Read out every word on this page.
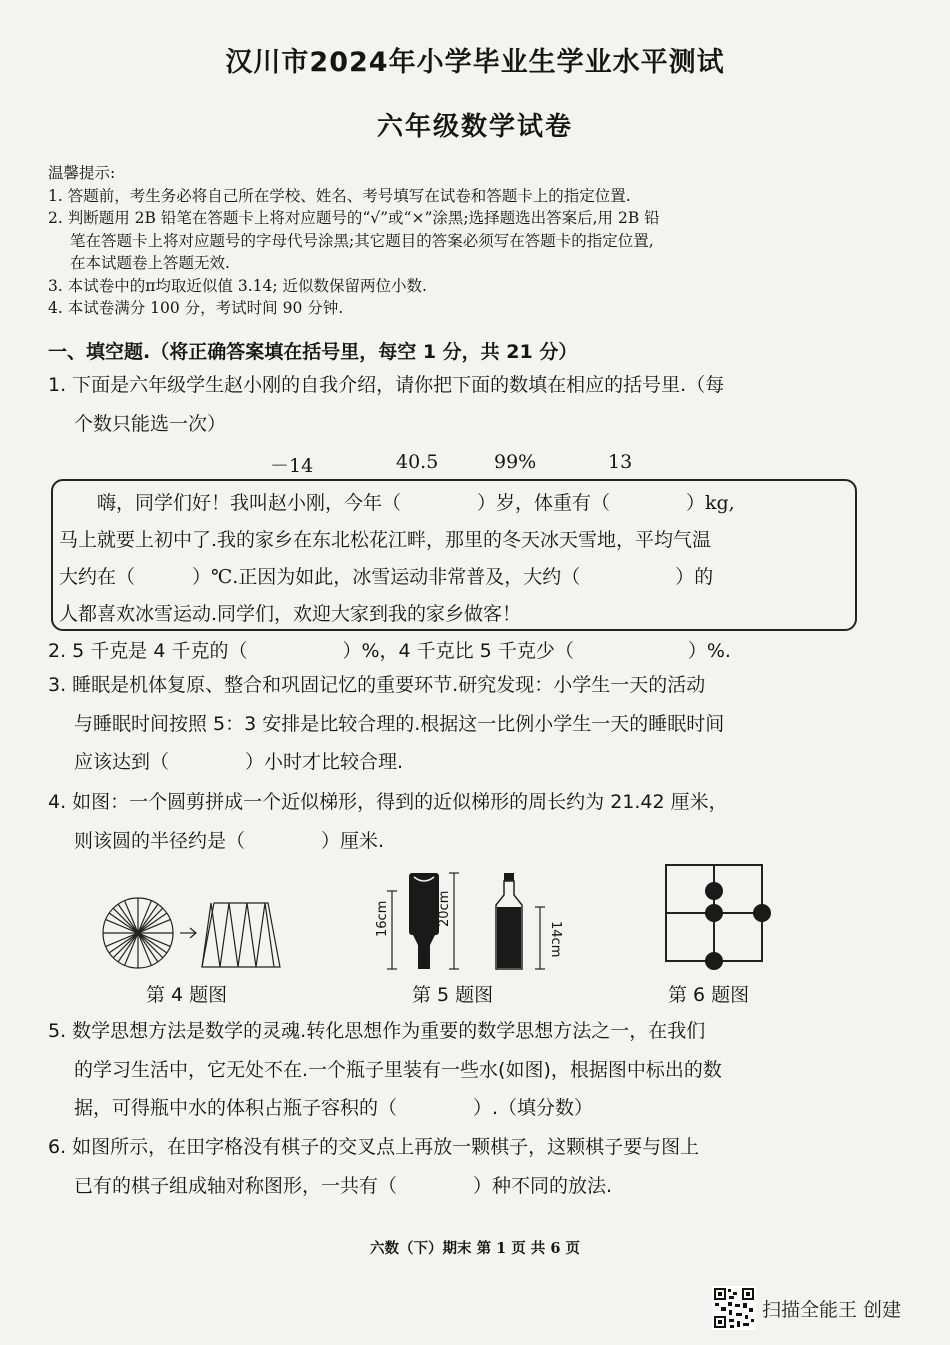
汉川市2024年小学毕业生学业水平测试
六年级数学试卷
温馨提示:
1. 答题前，考生务必将自己所在学校、姓名、考号填写在试卷和答题卡上的指定位置.
2. 判断题用 2B 铅笔在答题卡上将对应题号的“√”或“×”涂黑;选择题选出答案后,用 2B 铅
笔在答题卡上将对应题号的字母代号涂黑;其它题目的答案必须写在答题卡的指定位置,
在本试题卷上答题无效.
3. 本试卷中的π均取近似值 3.14; 近似数保留两位小数.
4. 本试卷满分 100 分，考试时间 90 分钟.
一、填空题.（将正确答案填在括号里，每空 1 分，共 21 分）
1. 下面是六年级学生赵小刚的自我介绍，请你把下面的数填在相应的括号里.（每
个数只能选一次）
－14	40.5	99%	13
　　嗨，同学们好！我叫赵小刚，今年（　　　　）岁，体重有（　　　　）kg,
马上就要上初中了.我的家乡在东北松花江畔，那里的冬天冰天雪地，平均气温
大约在（　　　）℃.正因为如此，冰雪运动非常普及，大约（　　　　　）的
人都喜欢冰雪运动.同学们，欢迎大家到我的家乡做客！
2. 5 千克是 4 千克的（　　　　　）%，4 千克比 5 千克少（　　　　　　）%.
3. 睡眠是机体复原、整合和巩固记忆的重要环节.研究发现：小学生一天的活动
与睡眠时间按照 5：3 安排是比较合理的.根据这一比例小学生一天的睡眠时间
应该达到（　　　　）小时才比较合理.
4. 如图：一个圆剪拼成一个近似梯形，得到的近似梯形的周长约为 21.42 厘米，
则该圆的半径约是（　　　　）厘米.
16cm	20cm
14cm
第 4 题图	第 5 题图	第 6 题图
5. 数学思想方法是数学的灵魂.转化思想作为重要的数学思想方法之一，在我们
的学习生活中，它无处不在.一个瓶子里装有一些水(如图)，根据图中标出的数
据，可得瓶中水的体积占瓶子容积的（　　　　）.（填分数）
6. 如图所示，在田字格没有棋子的交叉点上再放一颗棋子，这颗棋子要与图上
已有的棋子组成轴对称图形，一共有（　　　　）种不同的放法.
六数（下）期末 第 1 页 共 6 页
扫描全能王 创建
